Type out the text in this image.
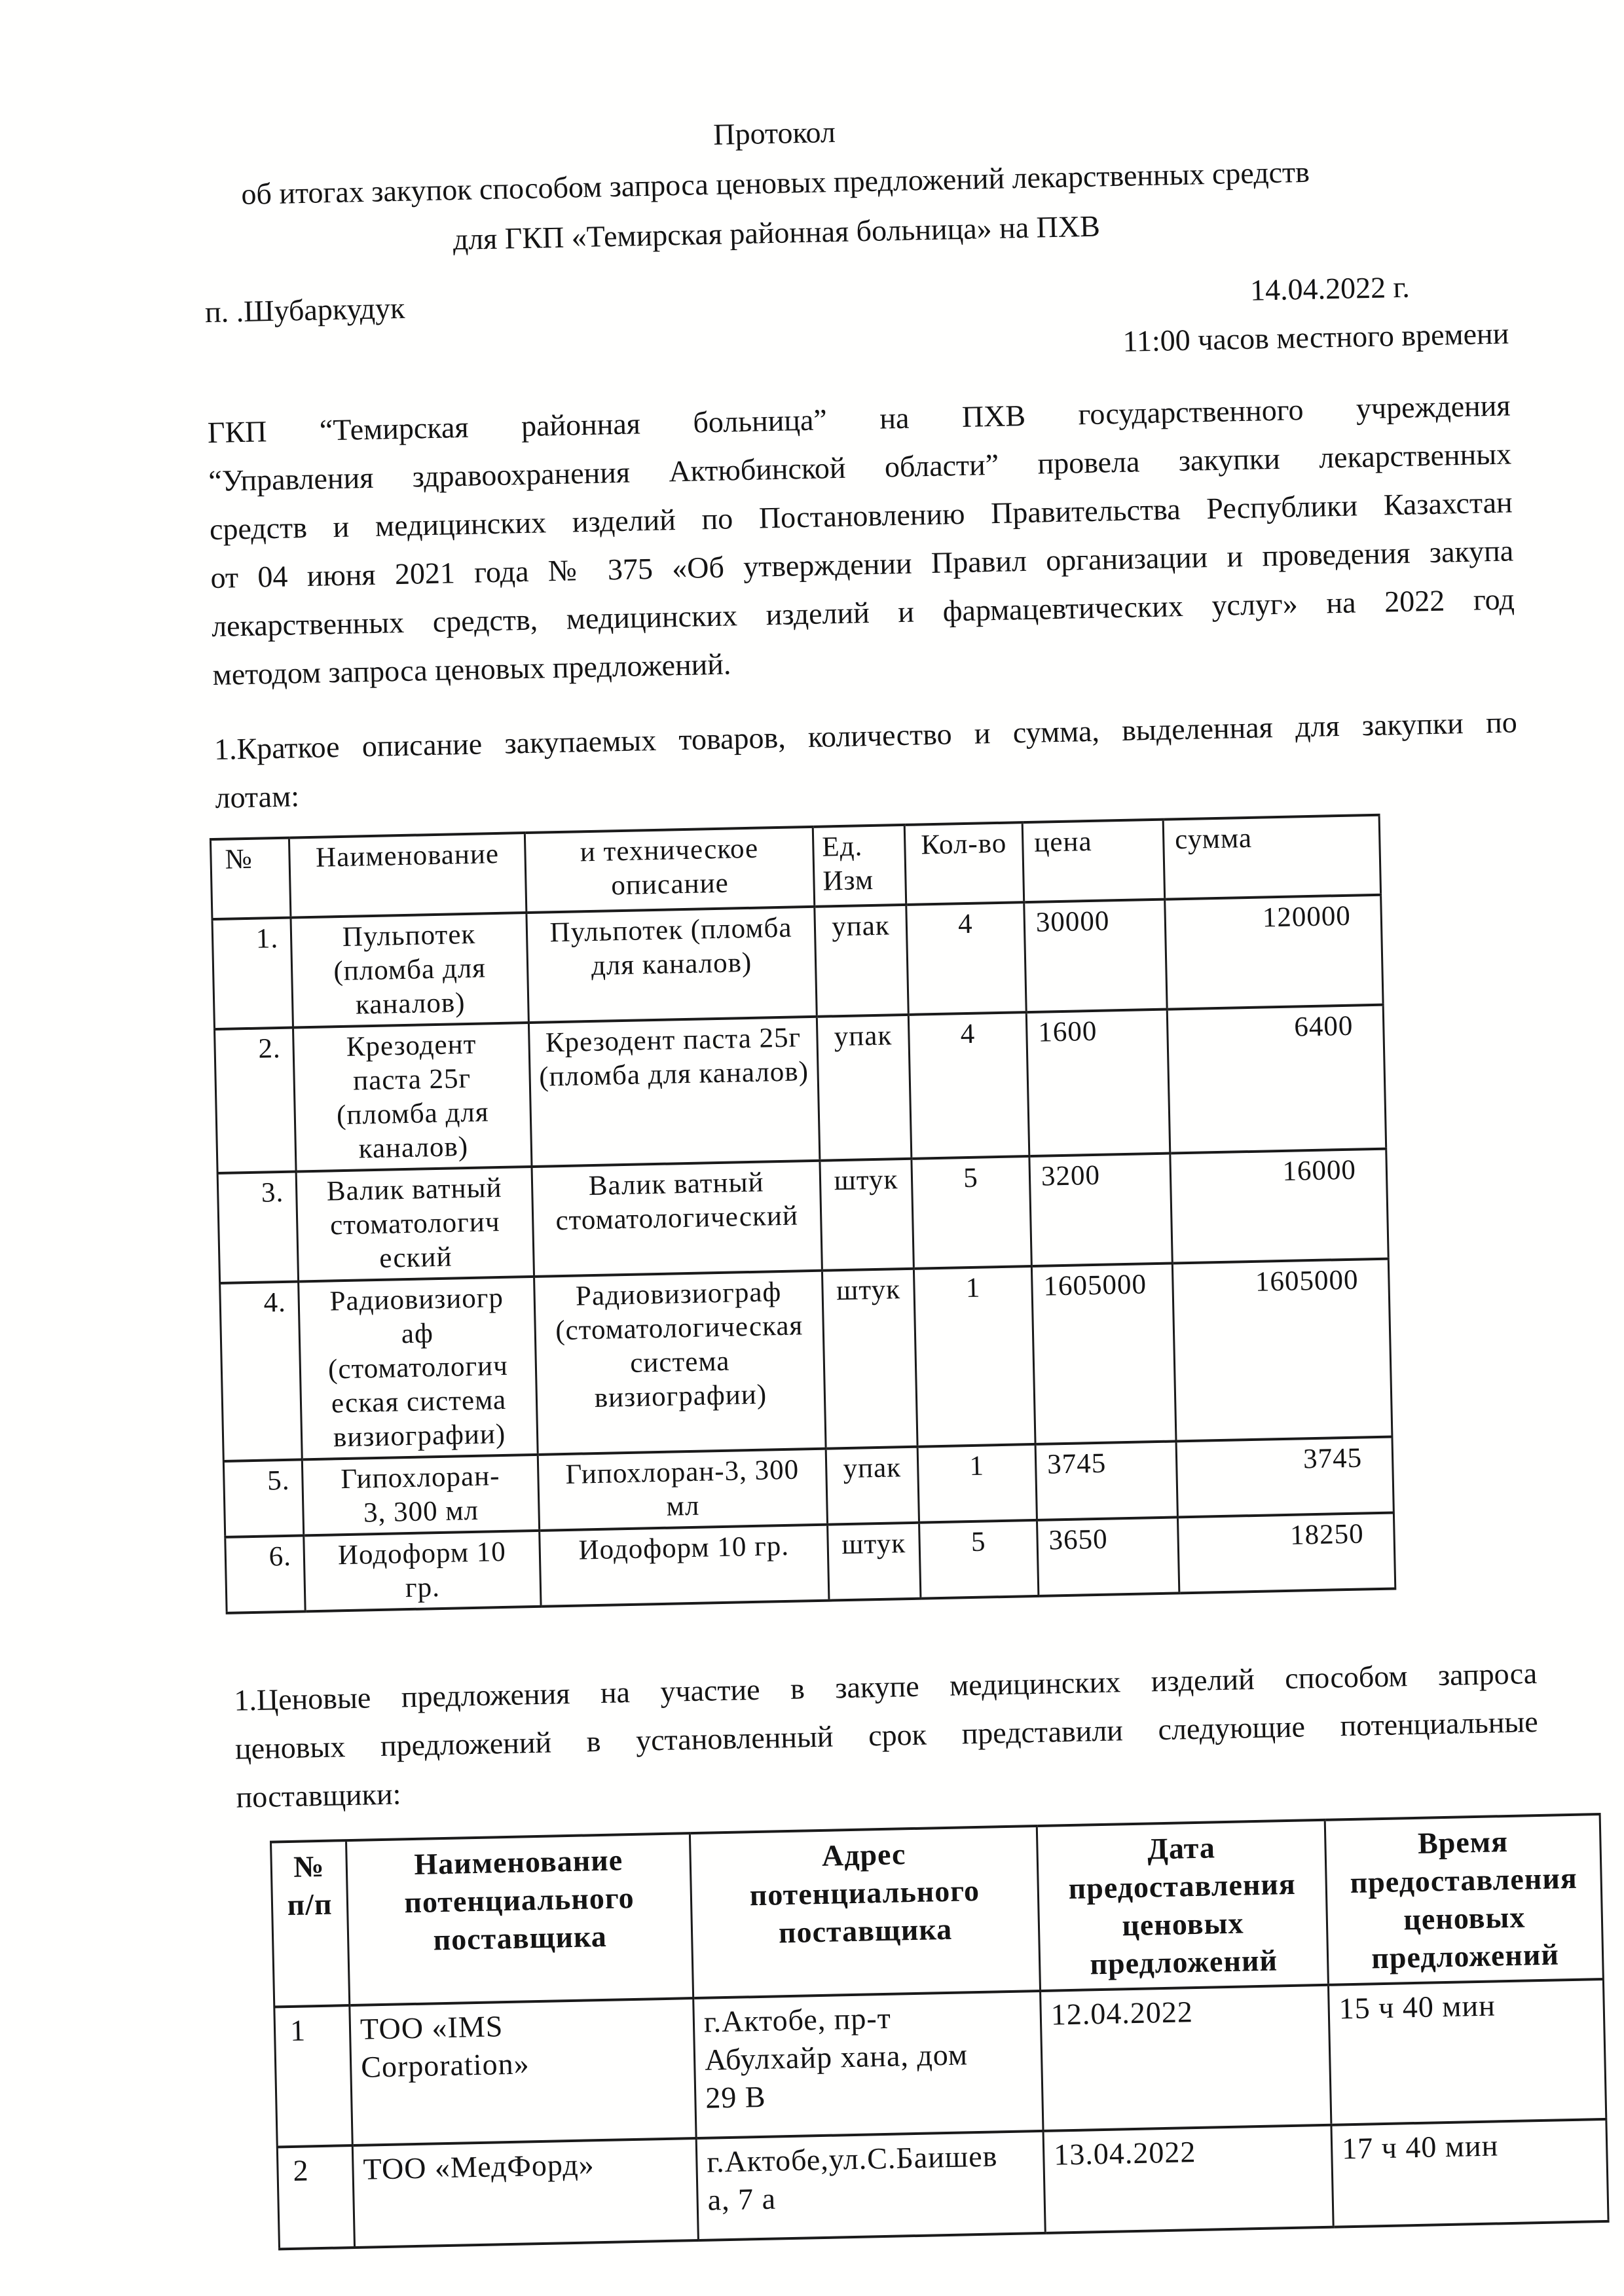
Протокол
об итогах закупок способом запроса ценовых предложений лекарственных средств
для ГКП «Темирская районная больница» на ПХВ
п. .Шубаркудук
14.04.2022 г.
11:00 часов местного времени
ГКП “Темирская районная больница” на ПХВ государственного учреждения
“Управления здравоохранения Актюбинской области” провела закупки лекарственных
средств и медицинских изделий по Постановлению Правительства Республики Казахстан
от 04 июня 2021 года № 375 «Об утверждении Правил организации и проведения закупа
лекарственных средств, медицинских изделий и фармацевтических услуг» на 2022 год
методом запроса ценовых предложений.
1.Краткое описание закупаемых товаров, количество и сумма, выделенная для закупки по
лотам:
№	Наименование	и техническое
описание	Ед.
Изм	Кол-во	цена	сумма
1.	Пульпотек
(пломба для
каналов)	Пульпотек (пломба
для каналов)	упак	4	30000	120000
2.	Крезодент
паста 25г
(пломба для
каналов)	Крезодент паста 25г
(пломба для каналов)	упак	4	1600	6400
3.	Валик ватный
стоматологич
еский	Валик ватный
стоматологический	штук	5	3200	16000
4.	Радиовизиогр
аф
(стоматологич
еская система
визиографии)	Радиовизиограф
(стоматологическая
система
визиографии)	штук	1	1605000	1605000
5.	Гипохлоран-
3, 300 мл	Гипохлоран-3, 300
мл	упак	1	3745	3745
6.	Иодоформ 10
гр.	Иодоформ 10 гр.	штук	5	3650	18250
1.Ценовые предложения на участие в закупе медицинских изделий способом запроса
ценовых предложений в установленный срок представили следующие потенциальные
поставщики:
№
п/п	Наименование
потенциального
поставщика	Адрес
потенциального
поставщика	Дата
предоставления
ценовых
предложений	Время
предоставления
ценовых
предложений
1	ТОО «IMS
Corporation»	г.Актобе, пр-т
Абулхайр хана, дом
29 В	12.04.2022	15 ч 40 мин
2	ТОО «МедФорд»	г.Актобе,ул.С.Баишев
а, 7 а	13.04.2022	17 ч 40 мин
